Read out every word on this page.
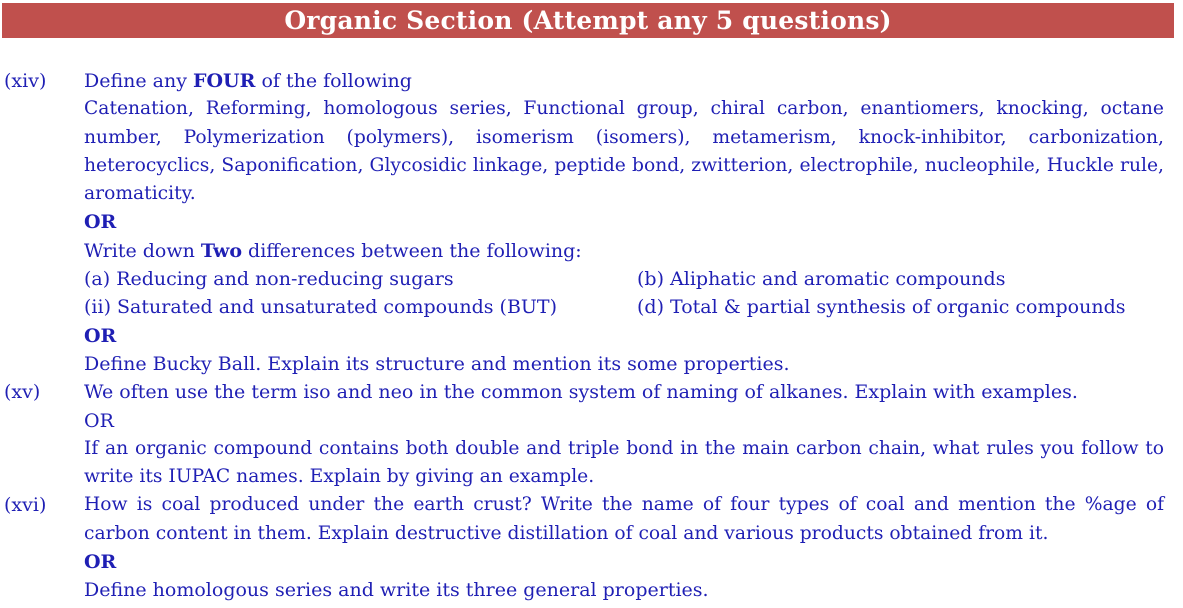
Organic Section (Attempt any 5 questions)
(xiv) Define any FOUR of the following
Catenation, Reforming, homologous series, Functional group, chiral carbon, enantiomers, knocking, octane number, Polymerization (polymers), isomerism (isomers), metamerism, knock-inhibitor, carbonization, heterocyclics, Saponification, Glycosidic linkage, peptide bond, zwitterion, electrophile, nucleophile, Huckle rule, aromaticity.
OR
Write down Two differences between the following:
(a) Reducing and non-reducing sugars	(b) Aliphatic and aromatic compounds
(ii) Saturated and unsaturated compounds (BUT)	(d) Total & partial synthesis of organic compounds
OR
Define Bucky Ball. Explain its structure and mention its some properties.
(xv) We often use the term iso and neo in the common system of naming of alkanes. Explain with examples.
OR
If an organic compound contains both double and triple bond in the main carbon chain, what rules you follow to write its IUPAC names. Explain by giving an example.
(xvi) How is coal produced under the earth crust? Write the name of four types of coal and mention the %age of carbon content in them. Explain destructive distillation of coal and various products obtained from it.
OR
Define homologous series and write its three general properties.
